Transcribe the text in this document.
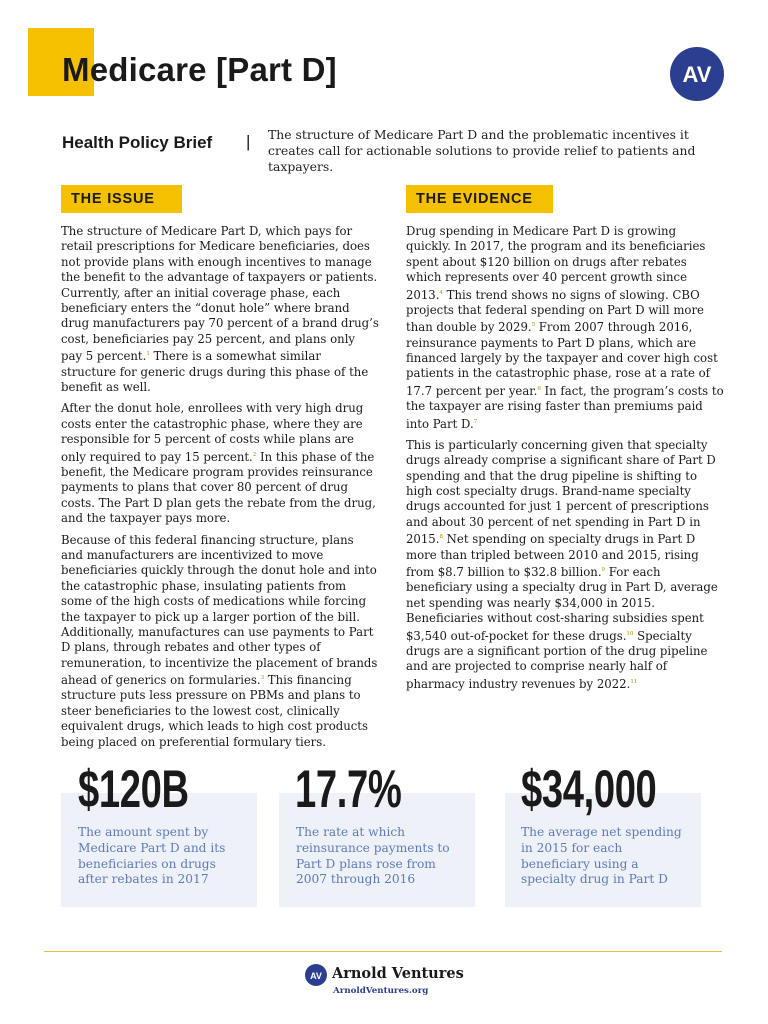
Medicare [Part D]	AV
Health Policy Brief | The structure of Medicare Part D and the problematic incentives it creates call for actionable solutions to provide relief to patients and taxpayers.
THE ISSUE	THE EVIDENCE

The structure of Medicare Part D, which pays for retail prescriptions for Medicare beneficiaries, does not provide plans with enough incentives to manage the benefit to the advantage of taxpayers or patients. Currently, after an initial coverage phase, each beneficiary enters the “donut hole” where brand drug manufacturers pay 70 percent of a brand drug’s cost, beneficiaries pay 25 percent, and plans only pay 5 percent.$^1$ There is a somewhat similar structure for generic drugs during this phase of the benefit as well.

After the donut hole, enrollees with very high drug costs enter the catastrophic phase, where they are responsible for 5 percent of costs while plans are only required to pay 15 percent.$^2$ In this phase of the benefit, the Medicare program provides reinsurance payments to plans that cover 80 percent of drug costs. The Part D plan gets the rebate from the drug, and the taxpayer pays more.

Because of this federal financing structure, plans and manufacturers are incentivized to move beneficiaries quickly through the donut hole and into the catastrophic phase, insulating patients from some of the high costs of medications while forcing the taxpayer to pick up a larger portion of the bill. Additionally, manufactures can use payments to Part D plans, through rebates and other types of remuneration, to incentivize the placement of brands ahead of generics on formularies.$^3$ This financing structure puts less pressure on PBMs and plans to steer beneficiaries to the lowest cost, clinically equivalent drugs, which leads to high cost products being placed on preferential formulary tiers.

Drug spending in Medicare Part D is growing quickly. In 2017, the program and its beneficiaries spent about $120 billion on drugs after rebates which represents over 40 percent growth since 2013.$^4$ This trend shows no signs of slowing. CBO projects that federal spending on Part D will more than double by 2029.$^5$ From 2007 through 2016, reinsurance payments to Part D plans, which are financed largely by the taxpayer and cover high cost patients in the catastrophic phase, rose at a rate of 17.7 percent per year.$^6$ In fact, the program’s costs to the taxpayer are rising faster than premiums paid into Part D.$^7$

This is particularly concerning given that specialty drugs already comprise a significant share of Part D spending and that the drug pipeline is shifting to high cost specialty drugs. Brand-name specialty drugs accounted for just 1 percent of prescriptions and about 30 percent of net spending in Part D in 2015.$^8$ Net spending on specialty drugs in Part D more than tripled between 2010 and 2015, rising from $8.7 billion to $32.8 billion.$^9$ For each beneficiary using a specialty drug in Part D, average net spending was nearly $34,000 in 2015. Beneficiaries without cost-sharing subsidies spent $3,540 out-of-pocket for these drugs.$^{10}$ Specialty drugs are a significant portion of the drug pipeline and are projected to comprise nearly half of pharmacy industry revenues by 2022.11

$120B 17.7% $34,000
The amount spent by Medicare Part D and its beneficiaries on drugs after rebates in 2017
The rate at which reinsurance payments to Part D plans rose from 2007 through 2016
The average net spending in 2015 for each beneficiary using a specialty drug in Part D
AV Arnold Ventures
ArnoldVentures.org
